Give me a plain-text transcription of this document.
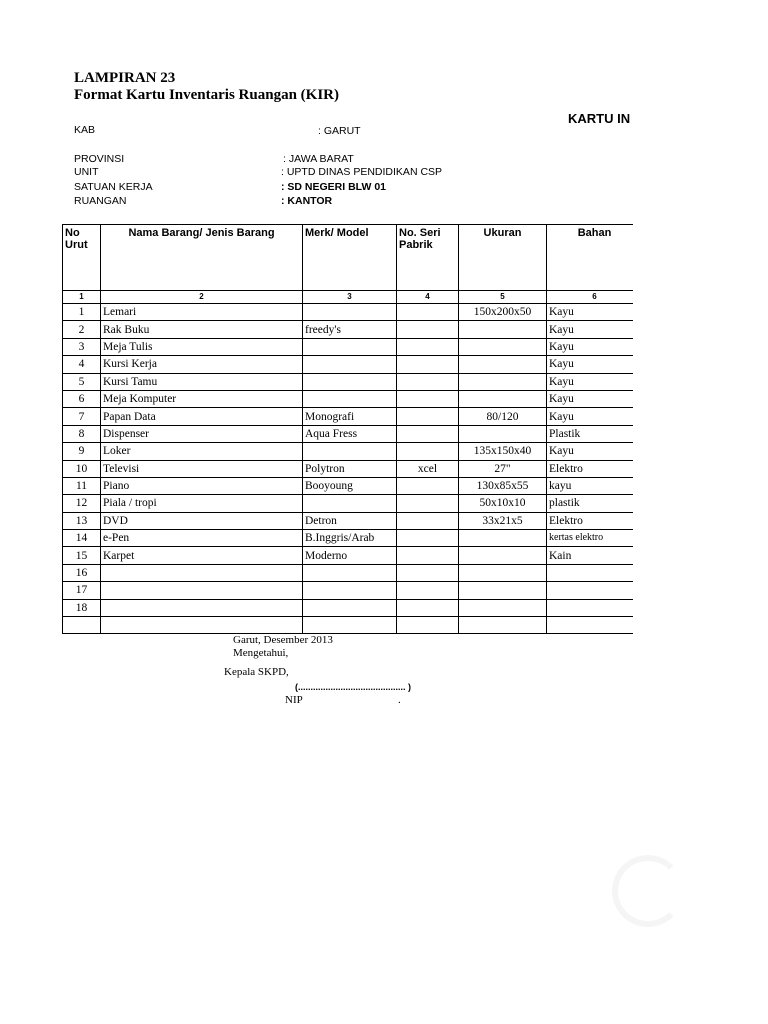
LAMPIRAN 23
Format Kartu Inventaris Ruangan (KIR)
KARTU IN
KAB	: GARUT
PROVINSI	: JAWA BARAT
UNIT	: UPTD DINAS PENDIDIKAN CSP
SATUAN KERJA	: SD NEGERI BLW 01
RUANGAN	: KANTOR
No Urut	Nama Barang/ Jenis Barang	Merk/ Model	No. Seri Pabrik	Ukuran	Bahan
1	2	3	4	5	6
1	Lemari			150x200x50	Kayu
2	Rak Buku	freedy's			Kayu
3	Meja Tulis				Kayu
4	Kursi Kerja				Kayu
5	Kursi Tamu				Kayu
6	Meja Komputer				Kayu
7	Papan Data	Monografi		80/120	Kayu
8	Dispenser	Aqua Fress			Plastik
9	Loker			135x150x40	Kayu
10	Televisi	Polytron	xcel	27"	Elektro
11	Piano	Booyoung		130x85x55	kayu
12	Piala / tropi			50x10x10	plastik
13	DVD	Detron		33x21x5	Elektro
14	e-Pen	B.Inggris/Arab			kertas elektro
15	Karpet	Moderno			Kain
16					
17					
18					

Garut, Desember 2013
Mengetahui,
Kepala SKPD,
(........................................... )
NIP	.
